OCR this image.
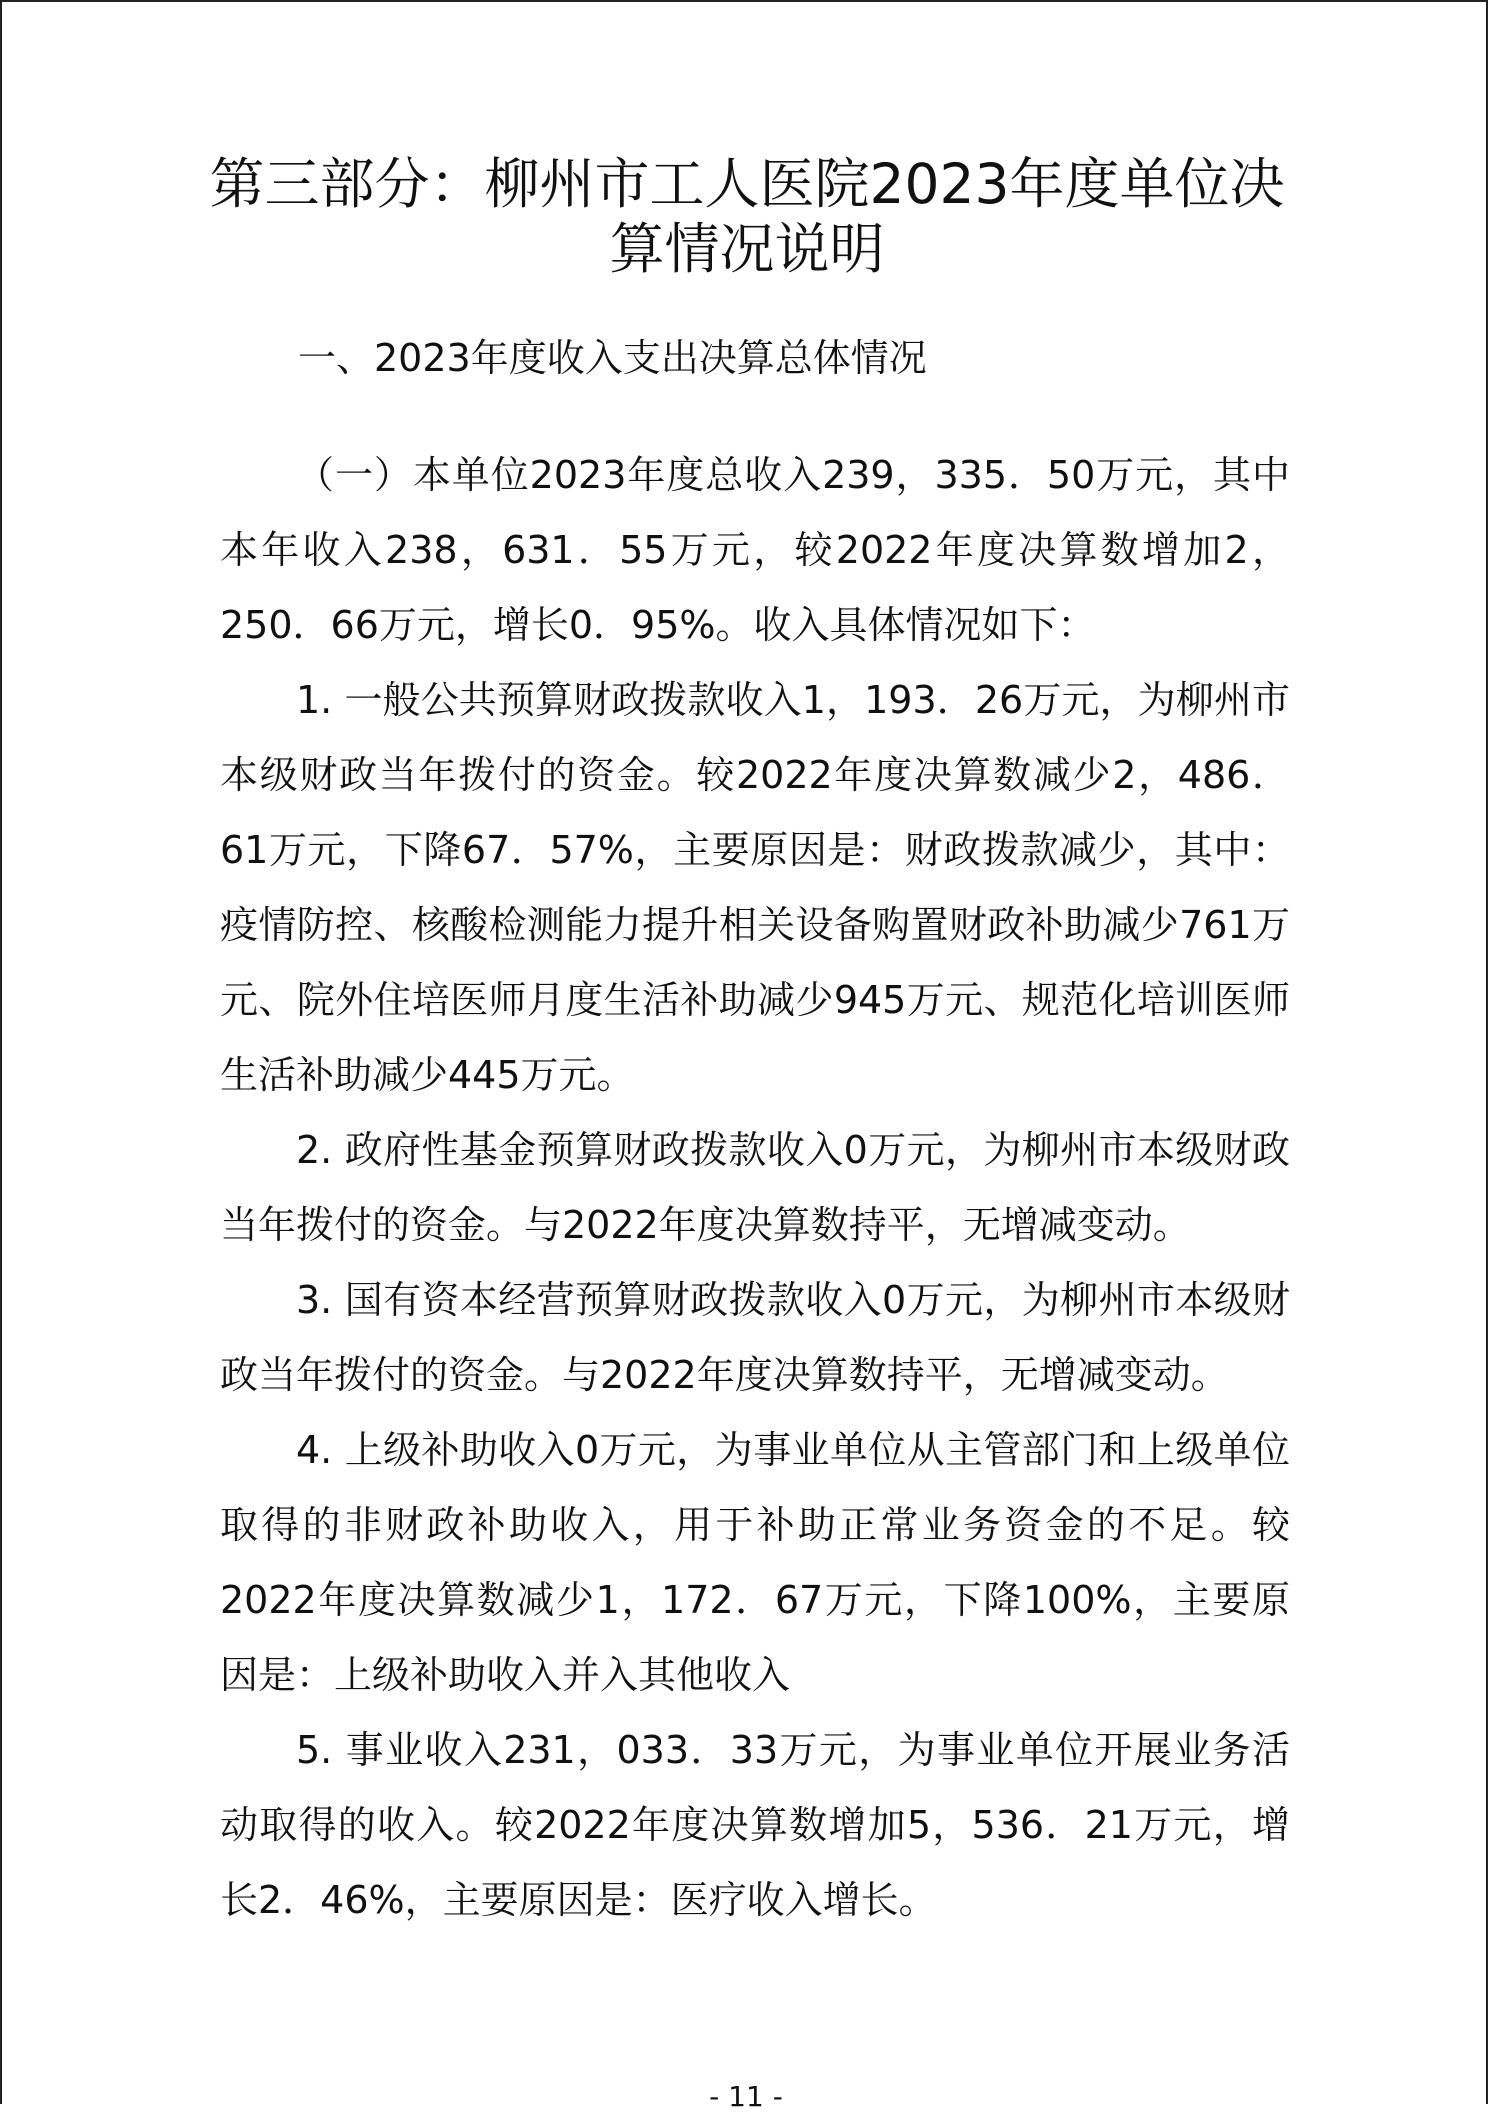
第三部分：柳州市工人医院2023年度单位决算情况说明
一、2023年度收入支出决算总体情况

（一）本单位2023年度总收入239，335．50万元，其中本年收入238，631．55万元，较2022年度决算数增加2，250．66万元，增长0．95%。收入具体情况如下：

1. 一般公共预算财政拨款收入1，193．26万元，为柳州市本级财政当年拨付的资金。较2022年度决算数减少2，486．61万元，下降67．57%，主要原因是：财政拨款减少，其中：疫情防控、核酸检测能力提升相关设备购置财政补助减少761万元、院外住培医师月度生活补助减少945万元、规范化培训医师生活补助减少445万元。

2. 政府性基金预算财政拨款收入0万元，为柳州市本级财政当年拨付的资金。与2022年度决算数持平，无增减变动。

3. 国有资本经营预算财政拨款收入0万元，为柳州市本级财政当年拨付的资金。与2022年度决算数持平，无增减变动。

4. 上级补助收入0万元，为事业单位从主管部门和上级单位取得的非财政补助收入，用于补助正常业务资金的不足。较2022年度决算数减少1，172．67万元，下降100%，主要原因是：上级补助收入并入其他收入

5. 事业收入231，033．33万元，为事业单位开展业务活动取得的收入。较2022年度决算数增加5，536．21万元，增长2．46%，主要原因是：医疗收入增长。

- 11 -
